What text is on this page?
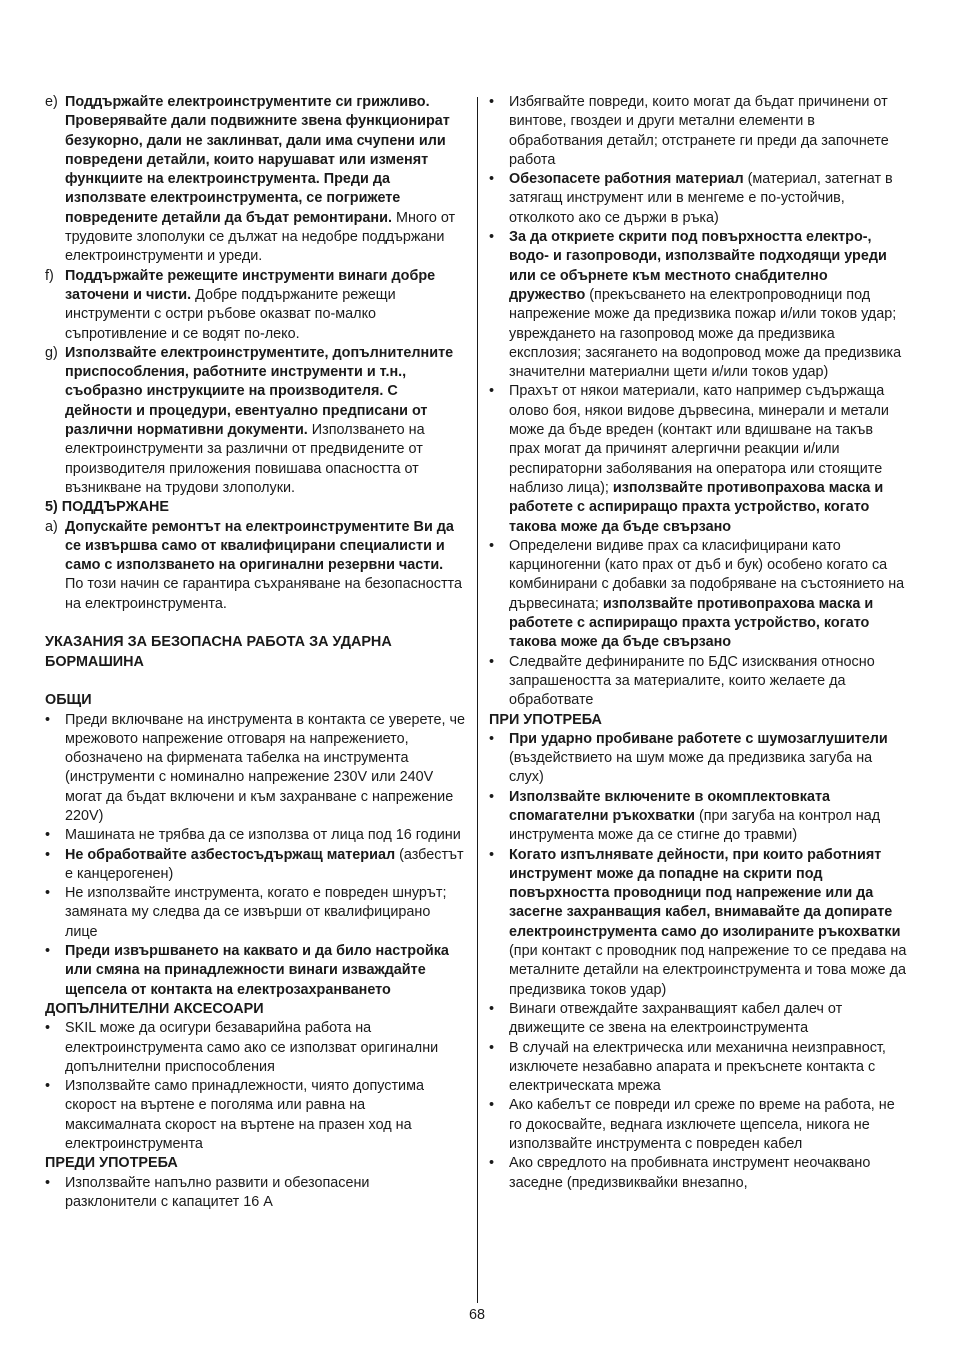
e) Поддържайте електроинструментите си грижливо. Проверявайте дали подвижните звена функционират безукорно, дали не заклинват, дали има счупени или повредени детайли, които нарушават или изменят функциите на електроинструмента. Преди да използвате електроинструмента, се погрижете повредените детайли да бъдат ремонтирани. Много от трудовите злополуки се дължат на недобре поддържани електроинструменти и уреди.
f) Поддържайте режещите инструменти винаги добре заточени и чисти. Добре поддържаните режещи инструменти с остри ръбове оказват по-малко съпротивление и се водят по-леко.
g) Използвайте електроинструментите, допълнителните приспособления, работните инструменти и т.н., съобразно инструкциите на производителя. С дейности и процедури, евентуално предписани от различни нормативни документи. Използването на електроинструменти за различни от предвидените от производителя приложения повишава опасността от възникване на трудови злополуки.
5) ПОДДЪРЖАНЕ
a) Допускайте ремонтът на електроинструментите Ви да се извършва само от квалифицирани специалисти и само с използването на оригинални резервни части. По този начин се гарантира съхраняване на безопасността на електроинструмента.
УКАЗАНИЯ ЗА БЕЗОПАСНА РАБОТА ЗА УДАРНА БОРМАШИНА
ОБЩИ
•	Преди включване на инструмента в контакта се уверете, че мрежовото напрежение отговаря на напрежението, обозначено на фирмената табелка на инструмента (инструменти с номинално напрежение 230V или 240V могат да бъдат включени и към захранване с напрежение 220V)
•	Машината не трябва да се използва от лица под 16 години
•	Не обработвайте азбестосъдържащ материал (азбестът е канцерогенен)
•	Не използвайте инструмента, когато е повреден шнурът; замяната му следва да се извърши от квалифицирано лице
•	Преди извършването на каквато и да било настройка или смяна на принадлежности винаги изваждайте щепсела от контакта на електрозахранването
ДОПЪЛНИТЕЛНИ АКСЕСОАРИ
•	SKIL може да осигури безаварийна работа на електроинструмента само ако се използват оригинални допълнителни приспособления
•	Използвайте само принадлежности, чиято допустима скорост на въртене е поголяма или равна на максималната скорост на въртене на празен ход на електроинструмента
ПРЕДИ УПОТРЕБА
•	Използвайте напълно развити и обезопасени разклонители с капацитет 16 A
•	Избягвайте повреди, които могат да бъдат причинени от винтове, гвоздеи и други метални елементи в обработвания детайл; отстранете ги преди да започнете работа
•	Обезопасете работния материал (материал, затегнат в затягащ инструмент или в менгеме е по-устойчив, отколкото ако се държи в ръка)
•	За да откриете скрити под повърхността електро-, водо- и газопроводи, използвайте подходящи уреди или се обърнете към местното снабдително дружество (прекъсването на електропроводници под напрежение може да предизвика пожар и/или токов удар; увреждането на газопровод може да предизвика експлозия; засягането на водопровод може да предизвика значителни материални щети и/или токов удар)
•	Прахът от някои материали, като например съдържаща олово боя, някои видове дървесина, минерали и метали може да бъде вреден (контакт или вдишване на такъв прах могат да причинят алергични реакции и/или респираторни заболявания на оператора или стоящите наблизо лица); използвайте противопрахова маска и работете с аспириращо прахта устройство, когато такова може да бъде свързано
•	Определени видиве прах са класифицирани като карциногенни (като прах от дъб и бук) особено когато са комбинирани с добавки за подобряване на състоянието на дървесината; използвайте противопрахова маска и работете с аспириращо прахта устройство, когато такова може да бъде свързано
•	Следвайте дефинираните по БДС изисквания относно запрашеността за материалите, които желаете да обработвате
ПРИ УПОТРЕБА
•	При ударно пробиване работете с шумозаглушители (въздействието на шум може да предизвика загуба на слух)
•	Използвайте включените в окомплектовката спомагателни ръкохватки (при загуба на контрол над инструмента може да се стигне до травми)
•	Когато изпълнявате дейности, при които работният инструмент може да попадне на скрити под повърхността проводници под напрежение или да засегне захранващия кабел, внимавайте да допирате електроинструмента само до изолираните ръкохватки (при контакт с проводник под напрежение то се предава на металните детайли на електроинструмента и това може да предизвика токов удар)
•	Винаги отвеждайте захранващият кабел далеч от движещите се звена на електроинструмента
•	В случай на електрическа или механична неизправност, изключете незабавно апарата и прекъснете контакта с електрическата мрежа
•	Ако кабелът се повреди ил среже по време на работа, не го докосвайте, веднага изключете щепсела, никога не използвайте инструмента с повреден кабел
•	Ако свредлото на пробивната инструмент неочаквано заседне (предизвиквайки внезапно,
68
